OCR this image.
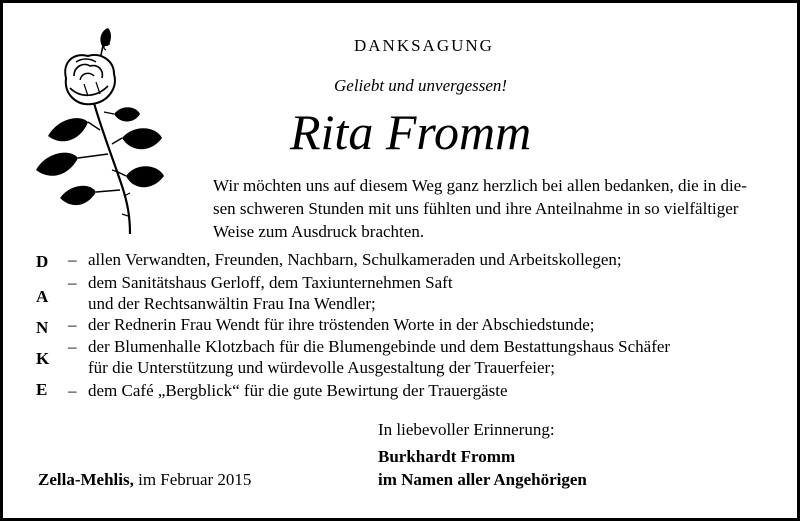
DANKSAGUNG
Geliebt und unvergessen!
Rita Fromm
Wir möchten uns auf diesem Weg ganz herzlich bei allen bedanken, die in die-
sen schweren Stunden mit uns fühlten und ihre Anteilnahme in so vielfältiger
Weise zum Ausdruck brachten.
D
A
N
K
E
– allen Verwandten, Freunden, Nachbarn, Schulkameraden und Arbeitskollegen;
– dem Sanitätshaus Gerloff, dem Taxiunternehmen Saft
und der Rechtsanwältin Frau Ina Wendler;
– der Rednerin Frau Wendt für ihre tröstenden Worte in der Abschiedstunde;
– der Blumenhalle Klotzbach für die Blumengebinde und dem Bestattungshaus Schäfer
für die Unterstützung und würdevolle Ausgestaltung der Trauerfeier;
– dem Café „Bergblick“ für die gute Bewirtung der Trauergäste
In liebevoller Erinnerung:
Burkhardt Fromm
im Namen aller Angehörigen
Zella-Mehlis, im Februar 2015
